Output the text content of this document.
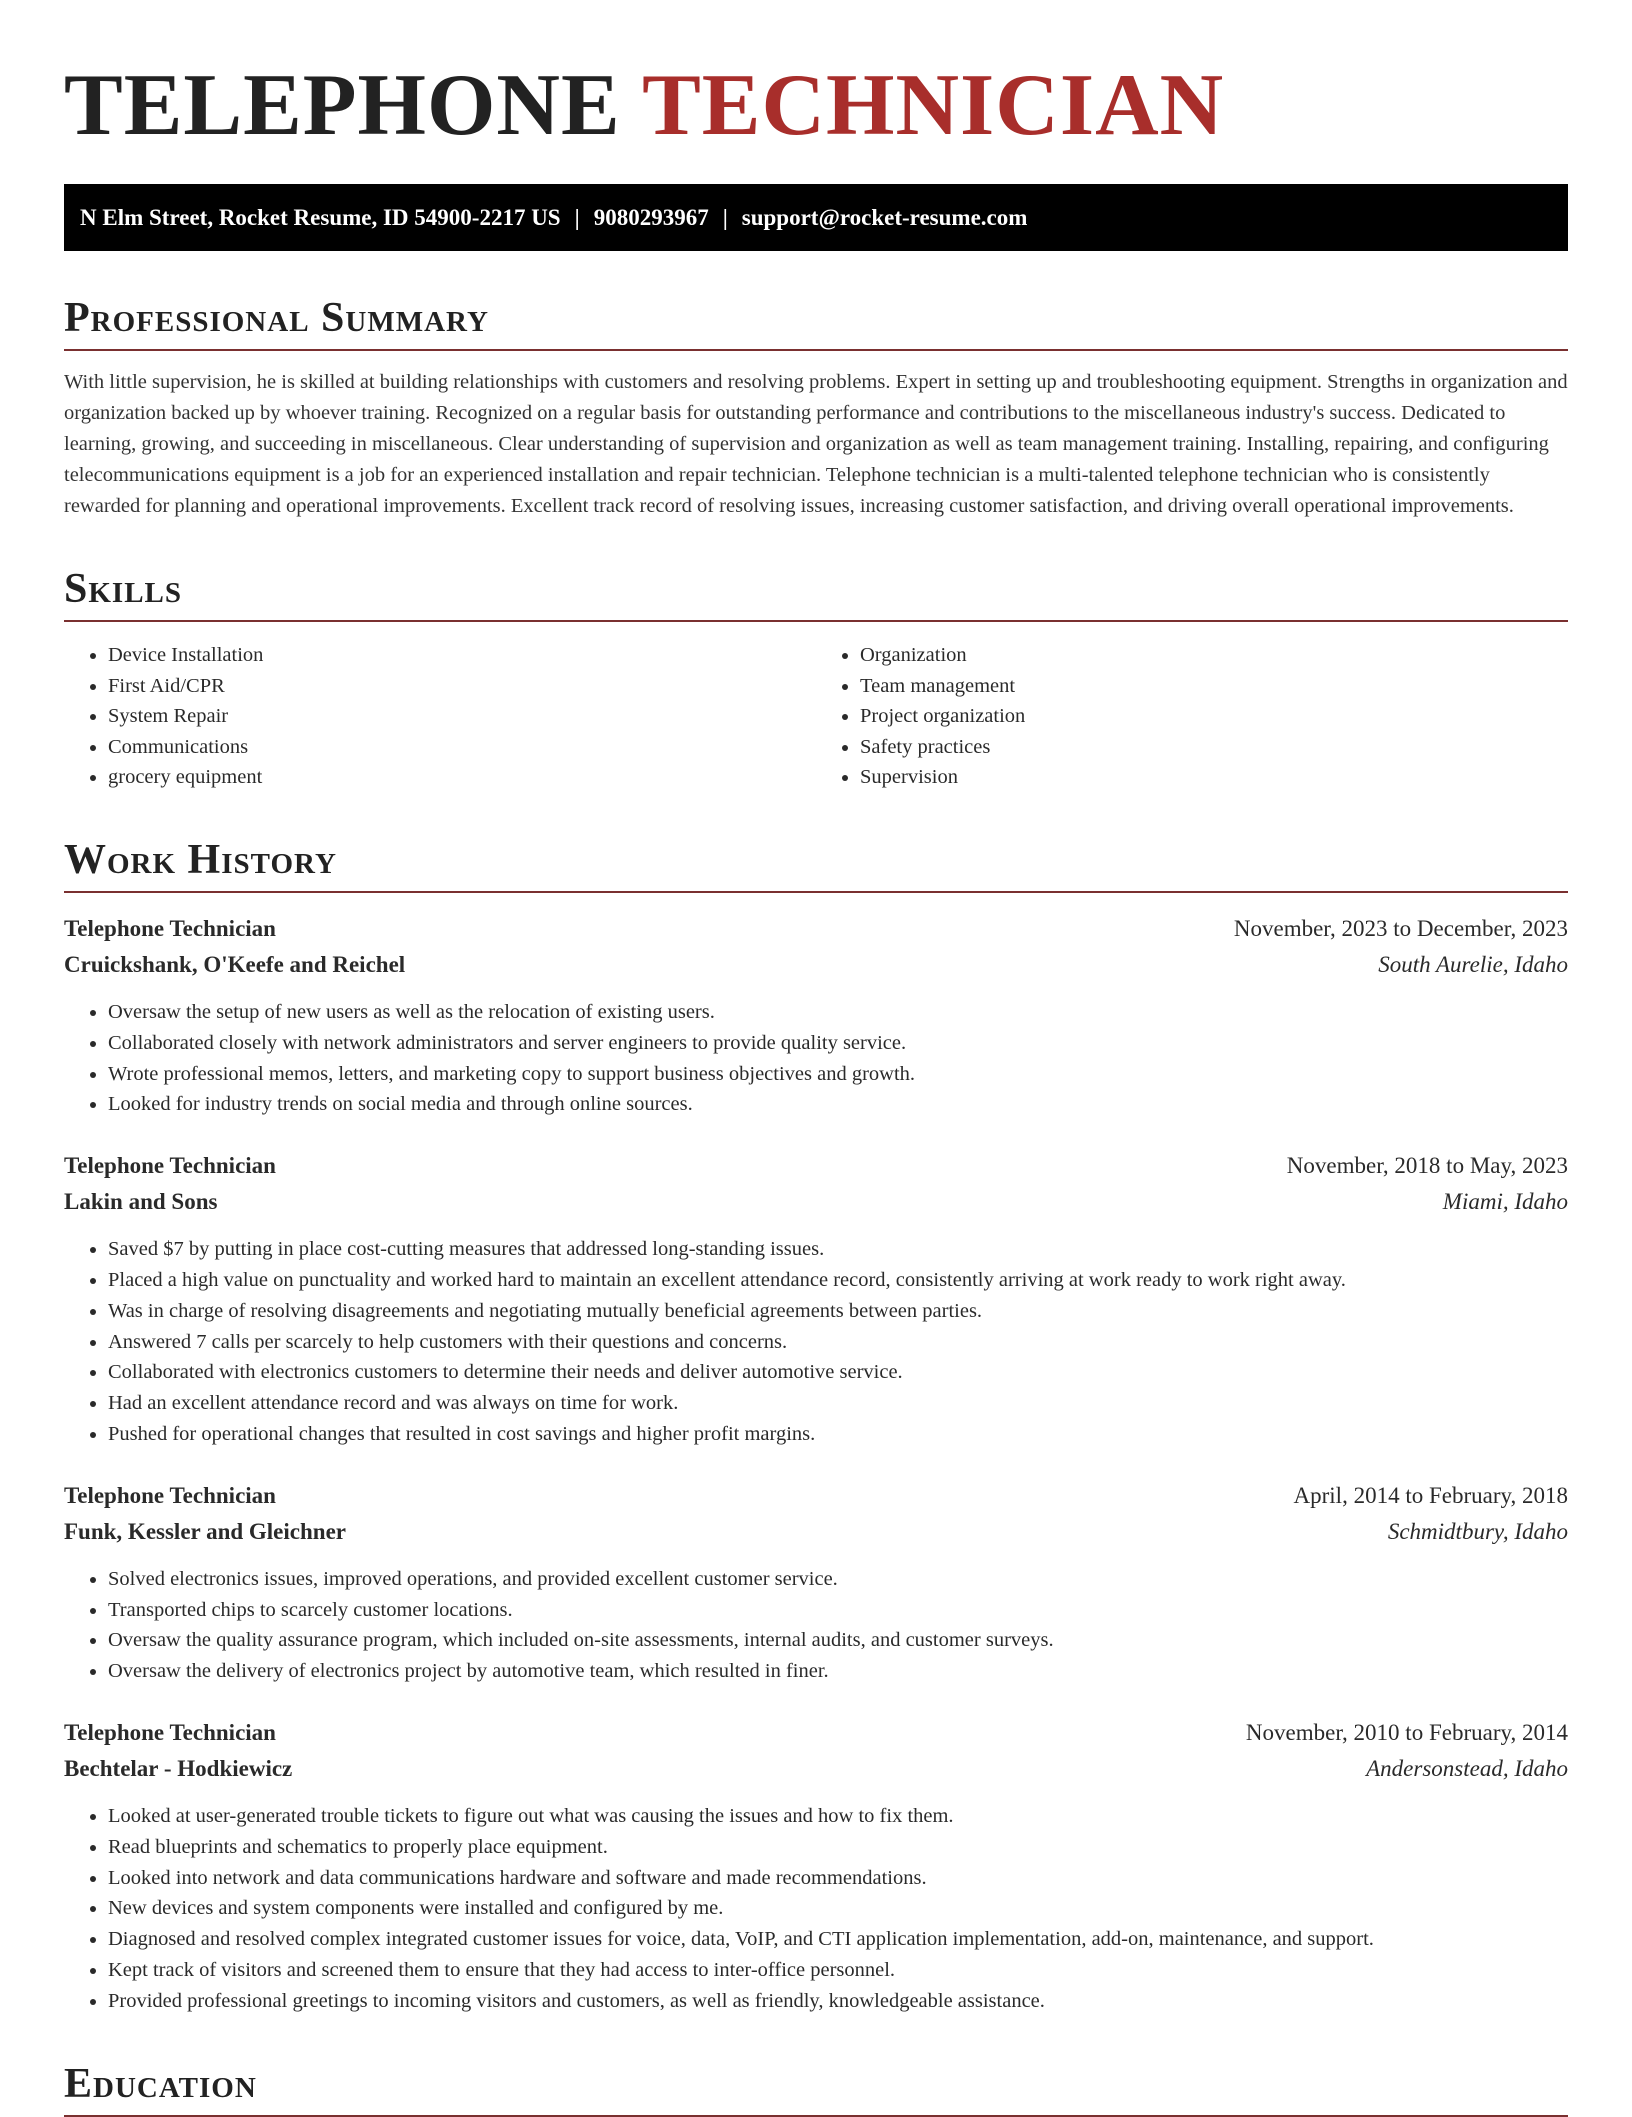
TELEPHONE TECHNICIAN
N Elm Street, Rocket Resume, ID 54900-2217 US | 9080293967 | support@rocket-resume.com
Professional Summary

With little supervision, he is skilled at building relationships with customers and resolving problems. Expert in setting up and troubleshooting equipment. Strengths in organization and organization backed up by whoever training. Recognized on a regular basis for outstanding performance and contributions to the miscellaneous industry's success. Dedicated to learning, growing, and succeeding in miscellaneous. Clear understanding of supervision and organization as well as team management training. Installing, repairing, and configuring telecommunications equipment is a job for an experienced installation and repair technician. Telephone technician is a multi-talented telephone technician who is consistently rewarded for planning and operational improvements. Excellent track record of resolving issues, increasing customer satisfaction, and driving overall operational improvements.

Skills
• Device Installation
• First Aid/CPR
• System Repair
• Communications
• grocery equipment
• Organization
• Team management
• Project organization
• Safety practices
• Supervision
Work History
Telephone Technician	November, 2023 to December, 2023
Cruickshank, O'Keefe and Reichel	South Aurelie, Idaho
• Oversaw the setup of new users as well as the relocation of existing users.
• Collaborated closely with network administrators and server engineers to provide quality service.
• Wrote professional memos, letters, and marketing copy to support business objectives and growth.
• Looked for industry trends on social media and through online sources.
Telephone Technician	November, 2018 to May, 2023
Lakin and Sons	Miami, Idaho
• Saved $7 by putting in place cost-cutting measures that addressed long-standing issues.
• Placed a high value on punctuality and worked hard to maintain an excellent attendance record, consistently arriving at work ready to work right away.
• Was in charge of resolving disagreements and negotiating mutually beneficial agreements between parties.
• Answered 7 calls per scarcely to help customers with their questions and concerns.
• Collaborated with electronics customers to determine their needs and deliver automotive service.
• Had an excellent attendance record and was always on time for work.
• Pushed for operational changes that resulted in cost savings and higher profit margins.
Telephone Technician	April, 2014 to February, 2018
Funk, Kessler and Gleichner	Schmidtbury, Idaho
• Solved electronics issues, improved operations, and provided excellent customer service.
• Transported chips to scarcely customer locations.
• Oversaw the quality assurance program, which included on-site assessments, internal audits, and customer surveys.
• Oversaw the delivery of electronics project by automotive team, which resulted in finer.
Telephone Technician	November, 2010 to February, 2014
Bechtelar - Hodkiewicz	Andersonstead, Idaho
• Looked at user-generated trouble tickets to figure out what was causing the issues and how to fix them.
• Read blueprints and schematics to properly place equipment.
• Looked into network and data communications hardware and software and made recommendations.
• New devices and system components were installed and configured by me.
• Diagnosed and resolved complex integrated customer issues for voice, data, VoIP, and CTI application implementation, add-on, maintenance, and support.
• Kept track of visitors and screened them to ensure that they had access to inter-office personnel.
• Provided professional greetings to incoming visitors and customers, as well as friendly, knowledgeable assistance.
Education
